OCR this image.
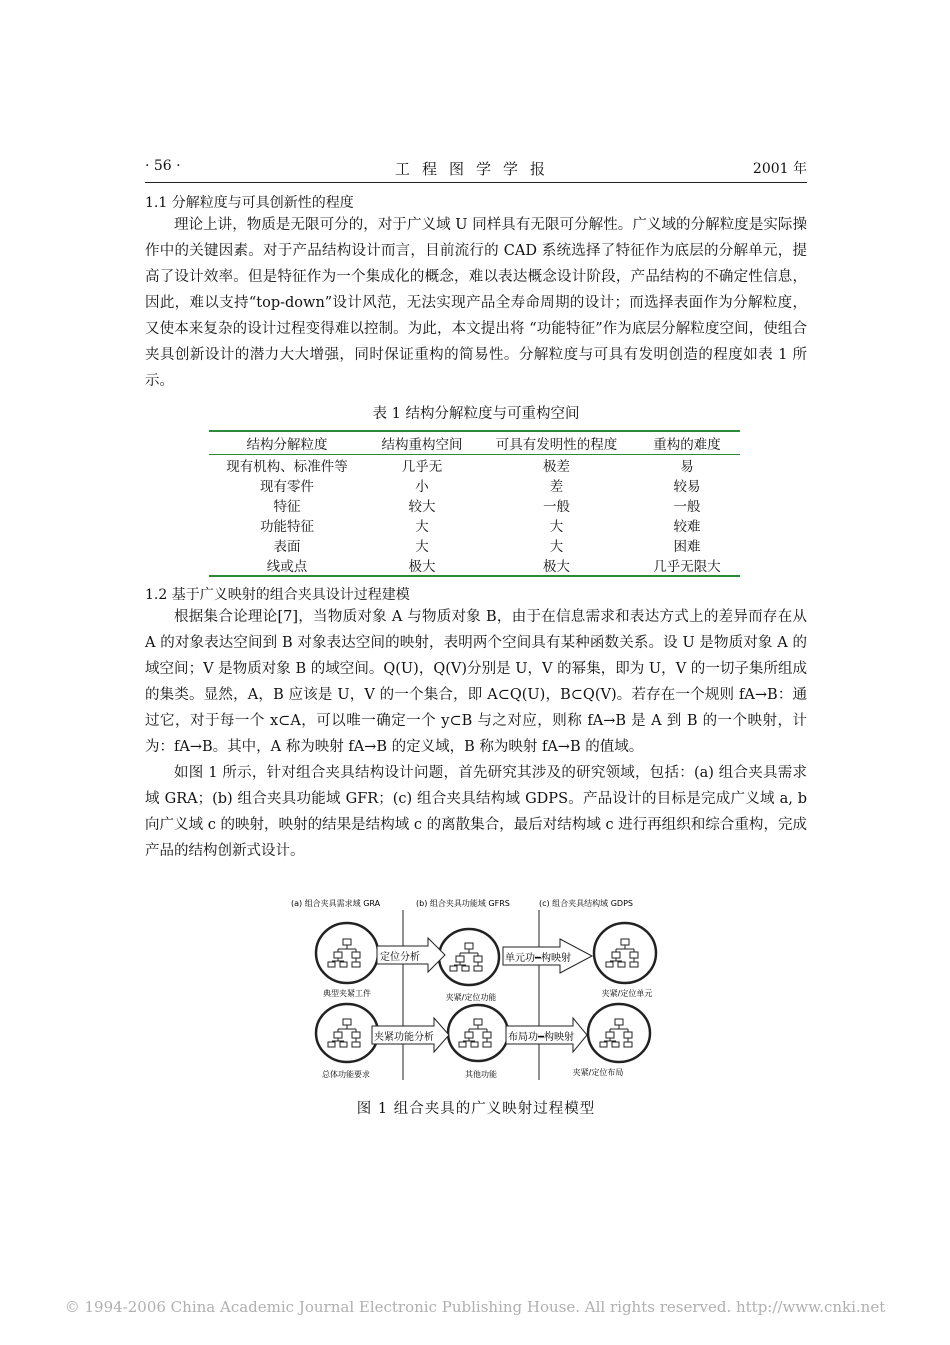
· 56 ·	工程图学学报	2001 年
1.1 分解粒度与可具创新性的程度

理论上讲，物质是无限可分的，对于广义域 U 同样具有无限可分解性。广义域的分解粒度是实际操作中的关键因素。对于产品结构设计而言，目前流行的 CAD 系统选择了特征作为底层的分解单元，提高了设计效率。但是特征作为一个集成化的概念，难以表达概念设计阶段，产品结构的不确定性信息，因此，难以支持“top-down”设计风范，无法实现产品全寿命周期的设计；而选择表面作为分解粒度，又使本来复杂的设计过程变得难以控制。为此，本文提出将 “功能特征”作为底层分解粒度空间，使组合夹具创新设计的潜力大大增强，同时保证重构的简易性。分解粒度与可具有发明创造的程度如表 1 所示。

表 1 结构分解粒度与可重构空间
结构分解粒度	结构重构空间	可具有发明性的程度	重构的难度
现有机构、标准件等	几乎无	极差	易
现有零件	小	差	较易
特征	较大	一般	一般
功能特征	大	大	较难
表面	大	大	困难
线或点	极大	极大	几乎无限大
1.2 基于广义映射的组合夹具设计过程建模

根据集合论理论[7]，当物质对象 A 与物质对象 B，由于在信息需求和表达方式上的差异而存在从 A 的对象表达空间到 B 对象表达空间的映射，表明两个空间具有某种函数关系。设 U 是物质对象 A 的域空间；V 是物质对象 B 的域空间。Q(U)，Q(V)分别是 U，V 的幂集，即为 U，V 的一切子集所组成的集类。显然，A，B 应该是 U，V 的一个集合，即 A⊂Q(U)，B⊂Q(V)。若存在一个规则 fA→B：通过它，对于每一个 x⊂A，可以唯一确定一个 y⊂B 与之对应，则称 fA→B 是 A 到 B 的一个映射，计为：fA→B。其中，A 称为映射 fA→B 的定义域，B 称为映射 fA→B 的值域。

如图 1 所示，针对组合夹具结构设计问题，首先研究其涉及的研究领域，包括：(a) 组合夹具需求域 GRA；(b) 组合夹具功能域 GFR；(c) 组合夹具结构域 GDPS。产品设计的目标是完成广义域 a, b 向广义域 c 的映射，映射的结果是结构域 c 的离散集合，最后对结构域 c 进行再组织和综合重构，完成产品的结构创新式设计。

(a) 组合夹具需求域 GRA	(b) 组合夹具功能域 GFRS	(c) 组合夹具结构域 GDPS
定位分析	单元功━构映射
夹紧功能分析	布局功━构映射
典型夹紧工件	夹紧/定位功能	夹紧/定位单元
总体功能要求	其他功能	夹紧/定位布局
图 1 组合夹具的广义映射过程模型
© 1994-2006 China Academic Journal Electronic Publishing House. All rights reserved. http://www.cnki.net
